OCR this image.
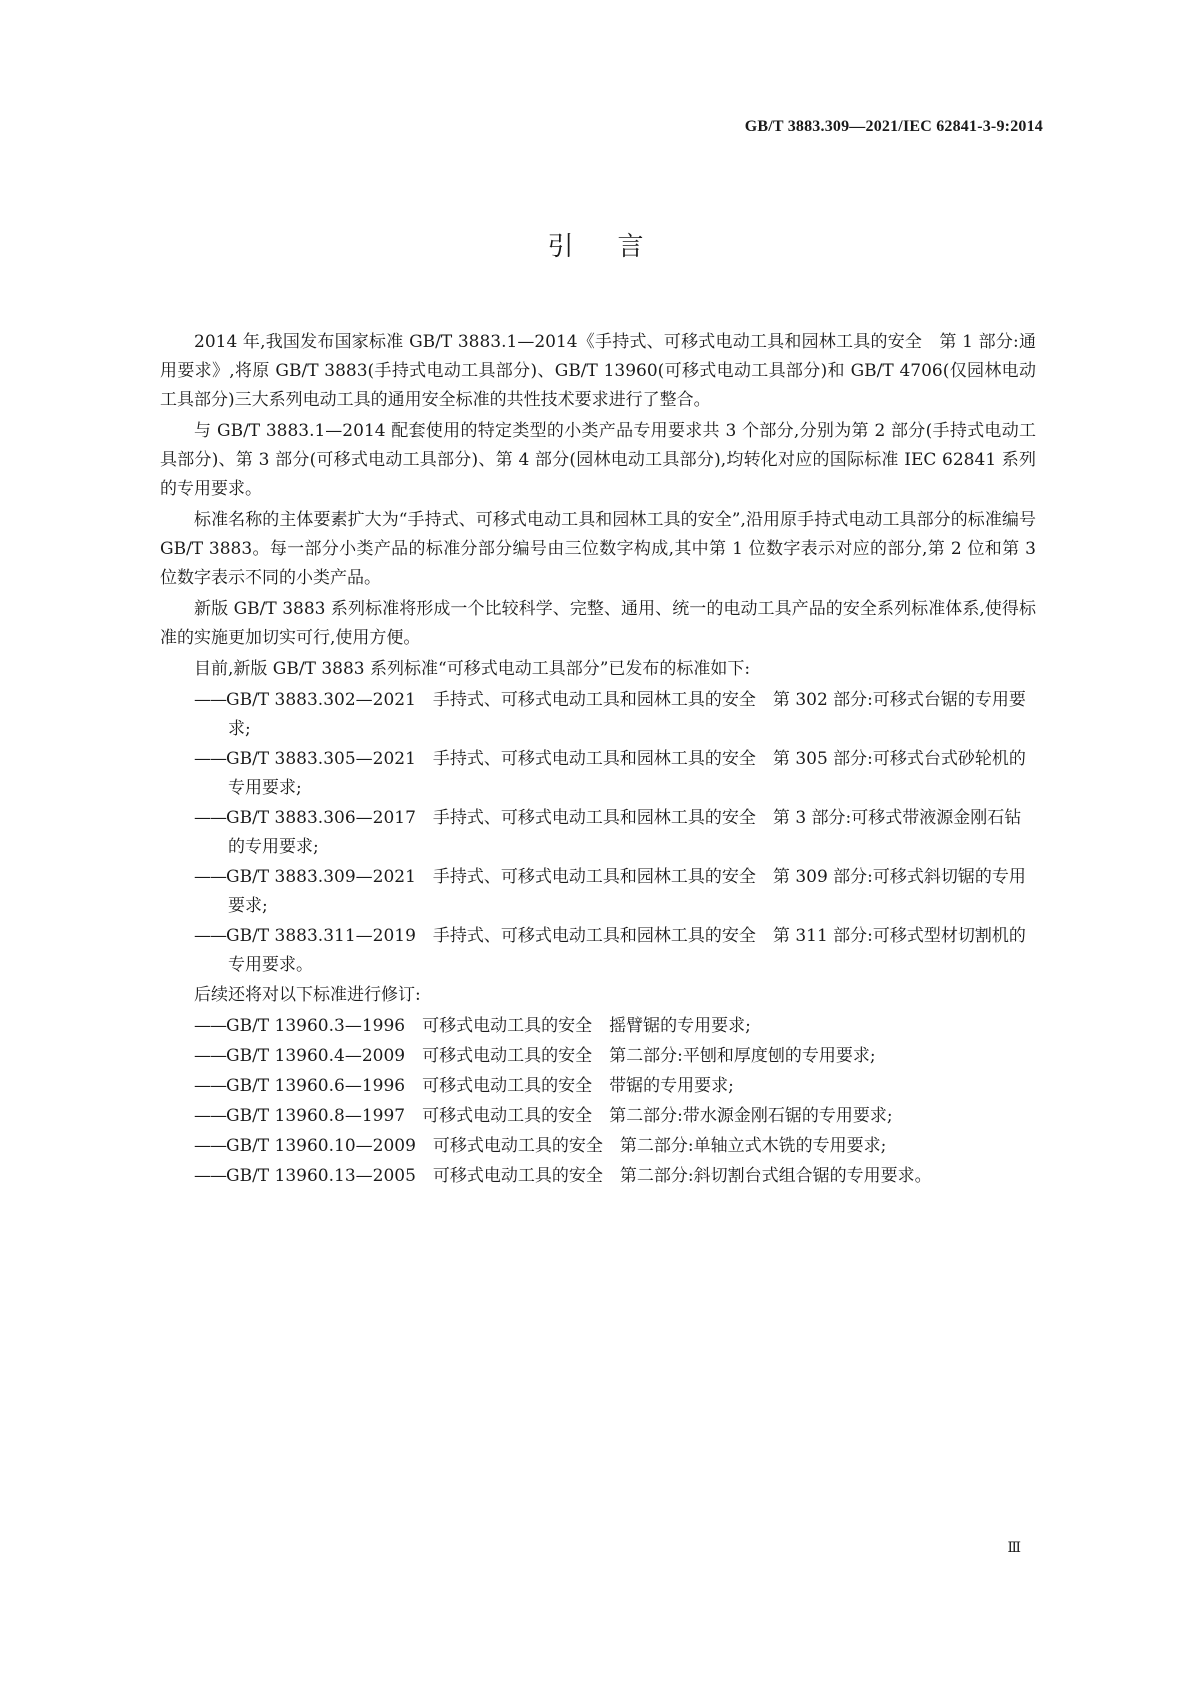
GB/T 3883.309—2021/IEC 62841-3-9:2014
引言

2014 年,我国发布国家标准 GB/T 3883.1—2014《手持式、可移式电动工具和园林工具的安全　第 1 部分:通用要求》,将原 GB/T 3883(手持式电动工具部分)、GB/T 13960(可移式电动工具部分)和 GB/T 4706(仅园林电动工具部分)三大系列电动工具的通用安全标准的共性技术要求进行了整合。

与 GB/T 3883.1—2014 配套使用的特定类型的小类产品专用要求共 3 个部分,分别为第 2 部分(手持式电动工具部分)、第 3 部分(可移式电动工具部分)、第 4 部分(园林电动工具部分),均转化对应的国际标准 IEC 62841 系列的专用要求。

标准名称的主体要素扩大为“手持式、可移式电动工具和园林工具的安全”,沿用原手持式电动工具部分的标准编号 GB/T 3883。每一部分小类产品的标准分部分编号由三位数字构成,其中第 1 位数字表示对应的部分,第 2 位和第 3 位数字表示不同的小类产品。

新版 GB/T 3883 系列标准将形成一个比较科学、完整、通用、统一的电动工具产品的安全系列标准体系,使得标准的实施更加切实可行,使用方便。

目前,新版 GB/T 3883 系列标准“可移式电动工具部分”已发布的标准如下:

——GB/T 3883.302—2021　手持式、可移式电动工具和园林工具的安全　第 302 部分:可移式台锯的专用要求;
——GB/T 3883.305—2021　手持式、可移式电动工具和园林工具的安全　第 305 部分:可移式台式砂轮机的专用要求;
——GB/T 3883.306—2017　手持式、可移式电动工具和园林工具的安全　第 3 部分:可移式带液源金刚石钻的专用要求;
——GB/T 3883.309—2021　手持式、可移式电动工具和园林工具的安全　第 309 部分:可移式斜切锯的专用要求;
——GB/T 3883.311—2019　手持式、可移式电动工具和园林工具的安全　第 311 部分:可移式型材切割机的专用要求。

后续还将对以下标准进行修订:

——GB/T 13960.3—1996　可移式电动工具的安全　摇臂锯的专用要求;
——GB/T 13960.4—2009　可移式电动工具的安全　第二部分:平刨和厚度刨的专用要求;
——GB/T 13960.6—1996　可移式电动工具的安全　带锯的专用要求;
——GB/T 13960.8—1997　可移式电动工具的安全　第二部分:带水源金刚石锯的专用要求;
——GB/T 13960.10—2009　可移式电动工具的安全　第二部分:单轴立式木铣的专用要求;
——GB/T 13960.13—2005　可移式电动工具的安全　第二部分:斜切割台式组合锯的专用要求。
Ⅲ
